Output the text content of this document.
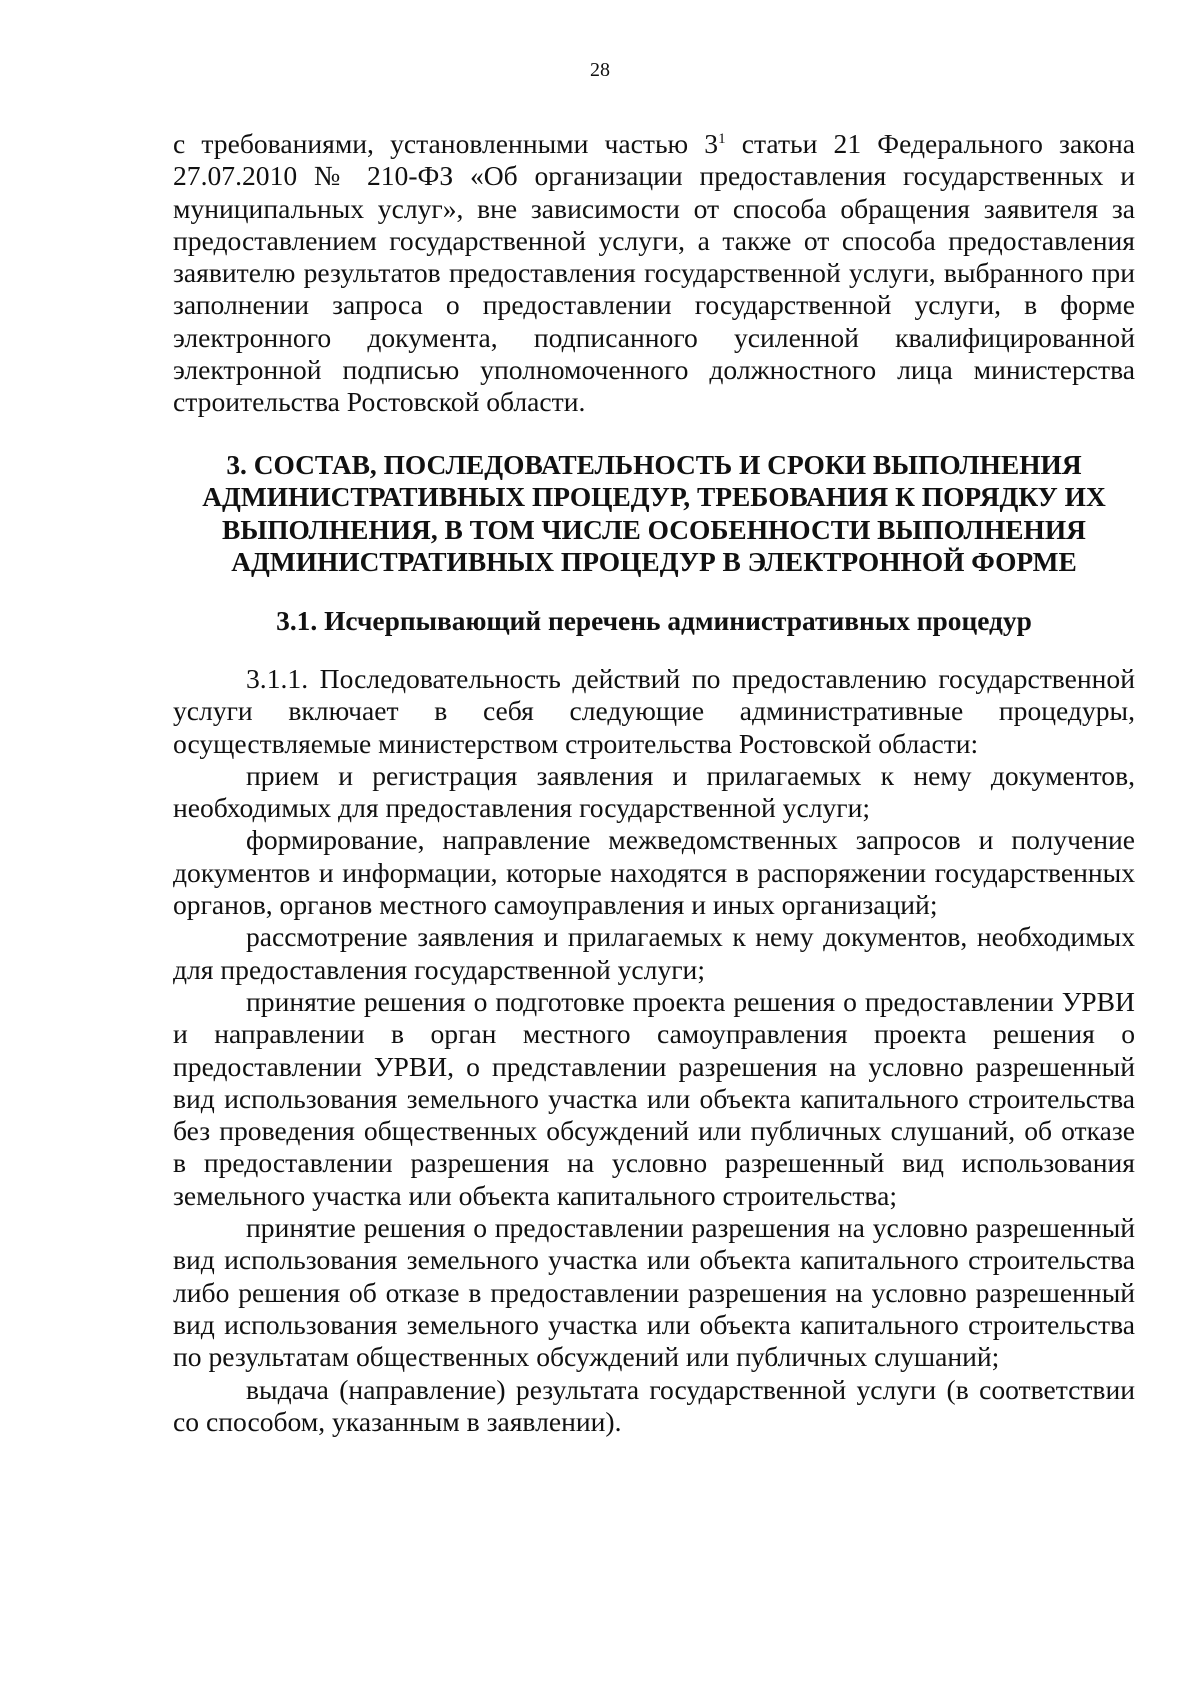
28

с требованиями, установленными частью $3^1$ статьи 21 Федерального закона 27.07.2010 № 210-ФЗ «Об организации предоставления государственных и муниципальных услуг», вне зависимости от способа обращения заявителя за предоставлением государственной услуги, а также от способа предоставления заявителю результатов предоставления государственной услуги, выбранного при заполнении запроса о предоставлении государственной услуги, в форме электронного документа, подписанного усиленной квалифицированной электронной подписью уполномоченного должностного лица министерства строительства Ростовской области.

3. СОСТАВ, ПОСЛЕДОВАТЕЛЬНОСТЬ И СРОКИ ВЫПОЛНЕНИЯ АДМИНИСТРАТИВНЫХ ПРОЦЕДУР, ТРЕБОВАНИЯ К ПОРЯДКУ ИХ ВЫПОЛНЕНИЯ, В ТОМ ЧИСЛЕ ОСОБЕННОСТИ ВЫПОЛНЕНИЯ АДМИНИСТРАТИВНЫХ ПРОЦЕДУР В ЭЛЕКТРОННОЙ ФОРМЕ
3.1. Исчерпывающий перечень административных процедур

3.1.1. Последовательность действий по предоставлению государственной услуги включает в себя следующие административные процедуры, осуществляемые министерством строительства Ростовской области:

прием и регистрация заявления и прилагаемых к нему документов, необходимых для предоставления государственной услуги;

формирование, направление межведомственных запросов и получение документов и информации, которые находятся в распоряжении государственных органов, органов местного самоуправления и иных организаций;

рассмотрение заявления и прилагаемых к нему документов, необходимых для предоставления государственной услуги;

принятие решения о подготовке проекта решения о предоставлении УРВИ и направлении в орган местного самоуправления проекта решения о предоставлении УРВИ, о представлении разрешения на условно разрешенный вид использования земельного участка или объекта капитального строительства без проведения общественных обсуждений или публичных слушаний, об отказе в предоставлении разрешения на условно разрешенный вид использования земельного участка или объекта капитального строительства;

принятие решения о предоставлении разрешения на условно разрешенный вид использования земельного участка или объекта капитального строительства либо решения об отказе в предоставлении разрешения на условно разрешенный вид использования земельного участка или объекта капитального строительства по результатам общественных обсуждений или публичных слушаний;

выдача (направление) результата государственной услуги (в соответствии со способом, указанным в заявлении).
